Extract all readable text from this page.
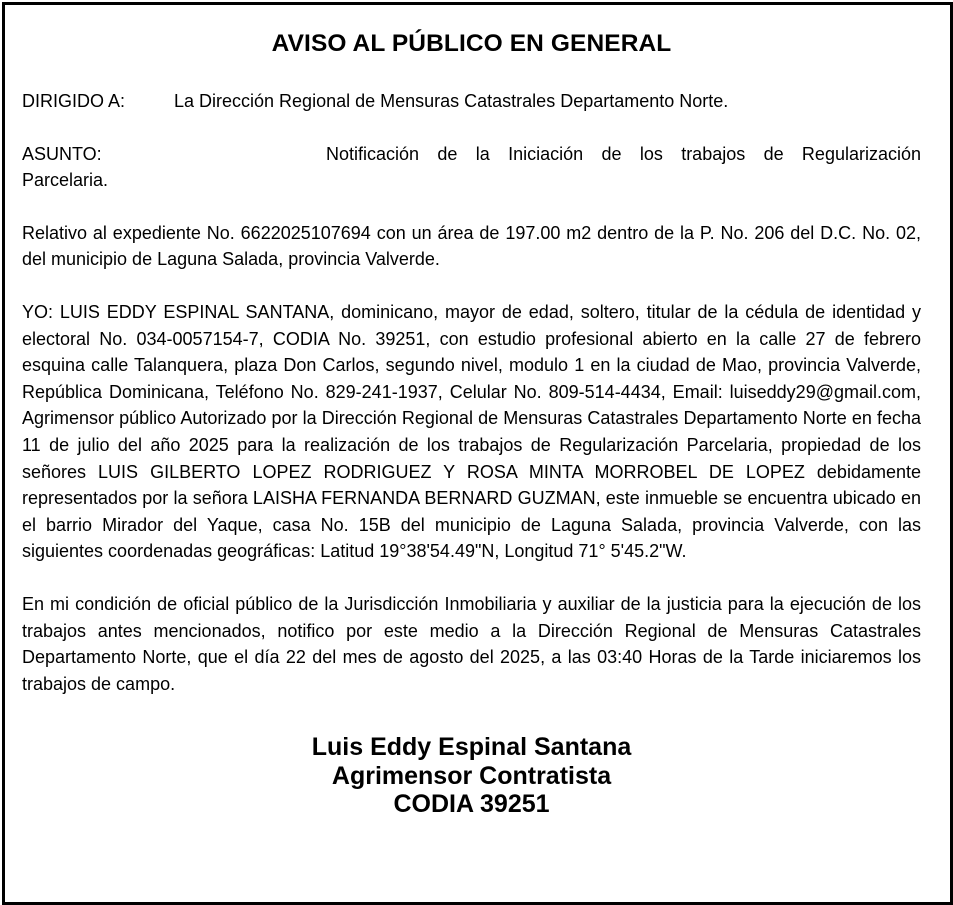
AVISO AL PÚBLICO EN GENERAL
DIRIGIDO A:	La Dirección Regional de Mensuras Catastrales Departamento Norte.
ASUNTO:	Notificación de la Iniciación de los trabajos de Regularización
Parcelaria.

Relativo al expediente No. 6622025107694 con un área de 197.00 m2 dentro de la P. No. 206 del D.C. No. 02, del municipio de Laguna Salada, provincia Valverde.

YO: LUIS EDDY ESPINAL SANTANA, dominicano, mayor de edad, soltero, titular de la cédula de identidad y electoral No. 034-0057154-7, CODIA No. 39251, con estudio profesional abierto en la calle 27 de febrero esquina calle Talanquera, plaza Don Carlos, segundo nivel, modulo 1 en la ciudad de Mao, provincia Valverde, República Dominicana, Teléfono No. 829-241-1937, Celular No. 809-514-4434, Email: luiseddy29@gmail.com, Agrimensor público Autorizado por la Dirección Regional de Mensuras Catastrales Departamento Norte en fecha 11 de julio del año 2025 para la realización de los trabajos de Regularización Parcelaria, propiedad de los señores LUIS GILBERTO LOPEZ RODRIGUEZ Y ROSA MINTA MORROBEL DE LOPEZ debidamente representados por la señora LAISHA FERNANDA BERNARD GUZMAN, este inmueble se encuentra ubicado en el barrio Mirador del Yaque, casa No. 15B del municipio de Laguna Salada, provincia Valverde, con las siguientes coordenadas geográficas: Latitud 19°38'54.49"N, Longitud 71° 5'45.2"W.

En mi condición de oficial público de la Jurisdicción Inmobiliaria y auxiliar de la justicia para la ejecución de los trabajos antes mencionados, notifico por este medio a la Dirección Regional de Mensuras Catastrales Departamento Norte, que el día 22 del mes de agosto del 2025, a las 03:40 Horas de la Tarde iniciaremos los trabajos de campo.

Luis Eddy Espinal Santana
Agrimensor Contratista
CODIA 39251
